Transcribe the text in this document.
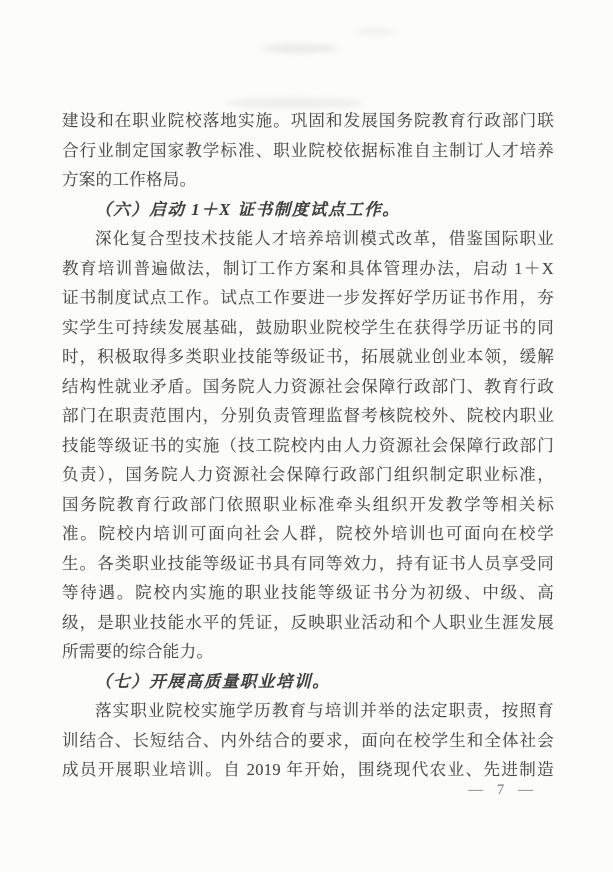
建设和在职业院校落地实施。巩固和发展国务院教育行政部门联
合行业制定国家教学标准、职业院校依据标准自主制订人才培养
方案的工作格局。
（六）启动 1＋X 证书制度试点工作。
深化复合型技术技能人才培养培训模式改革，借鉴国际职业
教育培训普遍做法，制订工作方案和具体管理办法，启动 1＋X
证书制度试点工作。试点工作要进一步发挥好学历证书作用，夯
实学生可持续发展基础，鼓励职业院校学生在获得学历证书的同
时，积极取得多类职业技能等级证书，拓展就业创业本领，缓解
结构性就业矛盾。国务院人力资源社会保障行政部门、教育行政
部门在职责范围内，分别负责管理监督考核院校外、院校内职业
技能等级证书的实施（技工院校内由人力资源社会保障行政部门
负责），国务院人力资源社会保障行政部门组织制定职业标准，
国务院教育行政部门依照职业标准牵头组织开发教学等相关标
准。院校内培训可面向社会人群，院校外培训也可面向在校学
生。各类职业技能等级证书具有同等效力，持有证书人员享受同
等待遇。院校内实施的职业技能等级证书分为初级、中级、高
级，是职业技能水平的凭证，反映职业活动和个人职业生涯发展
所需要的综合能力。
（七）开展高质量职业培训。
落实职业院校实施学历教育与培训并举的法定职责，按照育
训结合、长短结合、内外结合的要求，面向在校学生和全体社会
成员开展职业培训。自 2019 年开始，围绕现代农业、先进制造
— 7 —
